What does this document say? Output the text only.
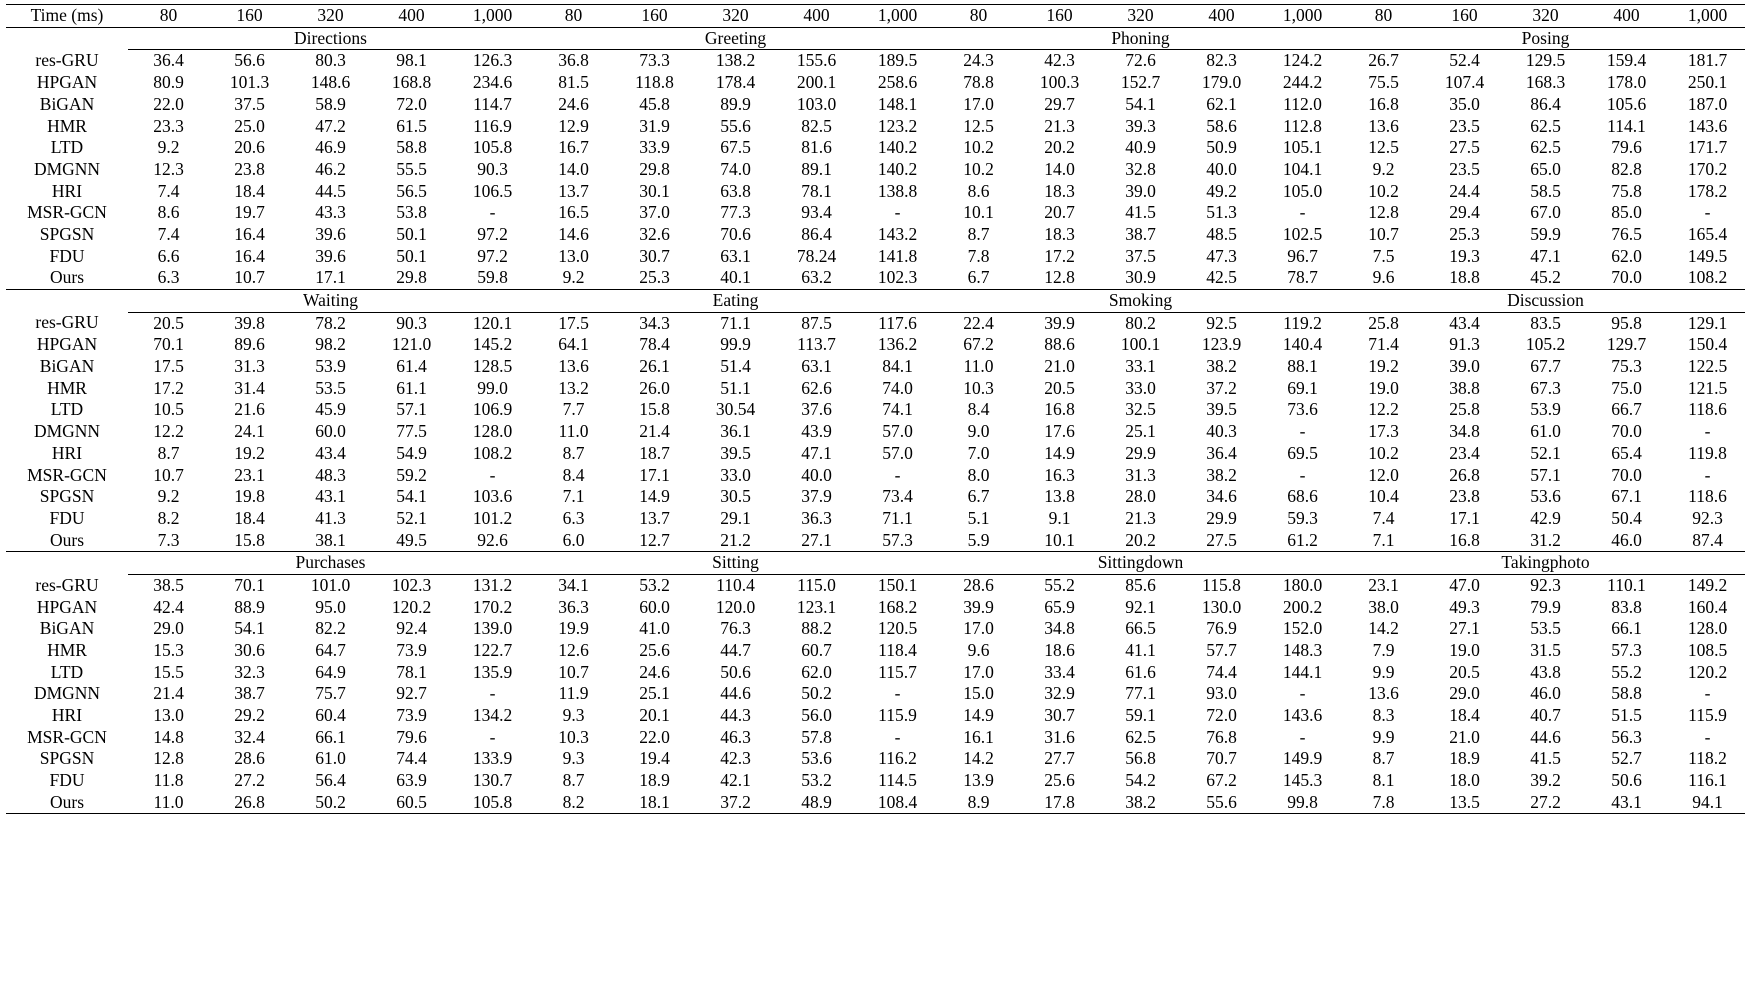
Time (ms)	80	160	320	400	1,000	80	160	320	400	1,000	80	160	320	400	1,000	80	160	320	400	1,000
	Directions					Greeting					Phoning					Posing				
res-GRU	36.4	56.6	80.3	98.1	126.3	36.8	73.3	138.2	155.6	189.5	24.3	42.3	72.6	82.3	124.2	26.7	52.4	129.5	159.4	181.7
HPGAN	80.9	101.3	148.6	168.8	234.6	81.5	118.8	178.4	200.1	258.6	78.8	100.3	152.7	179.0	244.2	75.5	107.4	168.3	178.0	250.1
BiGAN	22.0	37.5	58.9	72.0	114.7	24.6	45.8	89.9	103.0	148.1	17.0	29.7	54.1	62.1	112.0	16.8	35.0	86.4	105.6	187.0
HMR	23.3	25.0	47.2	61.5	116.9	12.9	31.9	55.6	82.5	123.2	12.5	21.3	39.3	58.6	112.8	13.6	23.5	62.5	114.1	143.6
LTD	9.2	20.6	46.9	58.8	105.8	16.7	33.9	67.5	81.6	140.2	10.2	20.2	40.9	50.9	105.1	12.5	27.5	62.5	79.6	171.7
DMGNN	12.3	23.8	46.2	55.5	90.3	14.0	29.8	74.0	89.1	140.2	10.2	14.0	32.8	40.0	104.1	9.2	23.5	65.0	82.8	170.2
HRI	7.4	18.4	44.5	56.5	106.5	13.7	30.1	63.8	78.1	138.8	8.6	18.3	39.0	49.2	105.0	10.2	24.4	58.5	75.8	178.2
MSR-GCN	8.6	19.7	43.3	53.8	-	16.5	37.0	77.3	93.4	-	10.1	20.7	41.5	51.3	-	12.8	29.4	67.0	85.0	-
SPGSN	7.4	16.4	39.6	50.1	97.2	14.6	32.6	70.6	86.4	143.2	8.7	18.3	38.7	48.5	102.5	10.7	25.3	59.9	76.5	165.4
FDU	6.6	16.4	39.6	50.1	97.2	13.0	30.7	63.1	78.24	141.8	7.8	17.2	37.5	47.3	96.7	7.5	19.3	47.1	62.0	149.5
Ours	6.3	10.7	17.1	29.8	59.8	9.2	25.3	40.1	63.2	102.3	6.7	12.8	30.9	42.5	78.7	9.6	18.8	45.2	70.0	108.2
	Waiting					Eating					Smoking					Discussion				
res-GRU	20.5	39.8	78.2	90.3	120.1	17.5	34.3	71.1	87.5	117.6	22.4	39.9	80.2	92.5	119.2	25.8	43.4	83.5	95.8	129.1
HPGAN	70.1	89.6	98.2	121.0	145.2	64.1	78.4	99.9	113.7	136.2	67.2	88.6	100.1	123.9	140.4	71.4	91.3	105.2	129.7	150.4
BiGAN	17.5	31.3	53.9	61.4	128.5	13.6	26.1	51.4	63.1	84.1	11.0	21.0	33.1	38.2	88.1	19.2	39.0	67.7	75.3	122.5
HMR	17.2	31.4	53.5	61.1	99.0	13.2	26.0	51.1	62.6	74.0	10.3	20.5	33.0	37.2	69.1	19.0	38.8	67.3	75.0	121.5
LTD	10.5	21.6	45.9	57.1	106.9	7.7	15.8	30.54	37.6	74.1	8.4	16.8	32.5	39.5	73.6	12.2	25.8	53.9	66.7	118.6
DMGNN	12.2	24.1	60.0	77.5	128.0	11.0	21.4	36.1	43.9	57.0	9.0	17.6	25.1	40.3	-	17.3	34.8	61.0	70.0	-
HRI	8.7	19.2	43.4	54.9	108.2	8.7	18.7	39.5	47.1	57.0	7.0	14.9	29.9	36.4	69.5	10.2	23.4	52.1	65.4	119.8
MSR-GCN	10.7	23.1	48.3	59.2	-	8.4	17.1	33.0	40.0	-	8.0	16.3	31.3	38.2	-	12.0	26.8	57.1	70.0	-
SPGSN	9.2	19.8	43.1	54.1	103.6	7.1	14.9	30.5	37.9	73.4	6.7	13.8	28.0	34.6	68.6	10.4	23.8	53.6	67.1	118.6
FDU	8.2	18.4	41.3	52.1	101.2	6.3	13.7	29.1	36.3	71.1	5.1	9.1	21.3	29.9	59.3	7.4	17.1	42.9	50.4	92.3
Ours	7.3	15.8	38.1	49.5	92.6	6.0	12.7	21.2	27.1	57.3	5.9	10.1	20.2	27.5	61.2	7.1	16.8	31.2	46.0	87.4
	Purchases					Sitting					Sittingdown					Takingphoto				
res-GRU	38.5	70.1	101.0	102.3	131.2	34.1	53.2	110.4	115.0	150.1	28.6	55.2	85.6	115.8	180.0	23.1	47.0	92.3	110.1	149.2
HPGAN	42.4	88.9	95.0	120.2	170.2	36.3	60.0	120.0	123.1	168.2	39.9	65.9	92.1	130.0	200.2	38.0	49.3	79.9	83.8	160.4
BiGAN	29.0	54.1	82.2	92.4	139.0	19.9	41.0	76.3	88.2	120.5	17.0	34.8	66.5	76.9	152.0	14.2	27.1	53.5	66.1	128.0
HMR	15.3	30.6	64.7	73.9	122.7	12.6	25.6	44.7	60.7	118.4	9.6	18.6	41.1	57.7	148.3	7.9	19.0	31.5	57.3	108.5
LTD	15.5	32.3	64.9	78.1	135.9	10.7	24.6	50.6	62.0	115.7	17.0	33.4	61.6	74.4	144.1	9.9	20.5	43.8	55.2	120.2
DMGNN	21.4	38.7	75.7	92.7	-	11.9	25.1	44.6	50.2	-	15.0	32.9	77.1	93.0	-	13.6	29.0	46.0	58.8	-
HRI	13.0	29.2	60.4	73.9	134.2	9.3	20.1	44.3	56.0	115.9	14.9	30.7	59.1	72.0	143.6	8.3	18.4	40.7	51.5	115.9
MSR-GCN	14.8	32.4	66.1	79.6	-	10.3	22.0	46.3	57.8	-	16.1	31.6	62.5	76.8	-	9.9	21.0	44.6	56.3	-
SPGSN	12.8	28.6	61.0	74.4	133.9	9.3	19.4	42.3	53.6	116.2	14.2	27.7	56.8	70.7	149.9	8.7	18.9	41.5	52.7	118.2
FDU	11.8	27.2	56.4	63.9	130.7	8.7	18.9	42.1	53.2	114.5	13.9	25.6	54.2	67.2	145.3	8.1	18.0	39.2	50.6	116.1
Ours	11.0	26.8	50.2	60.5	105.8	8.2	18.1	37.2	48.9	108.4	8.9	17.8	38.2	55.6	99.8	7.8	13.5	27.2	43.1	94.1
